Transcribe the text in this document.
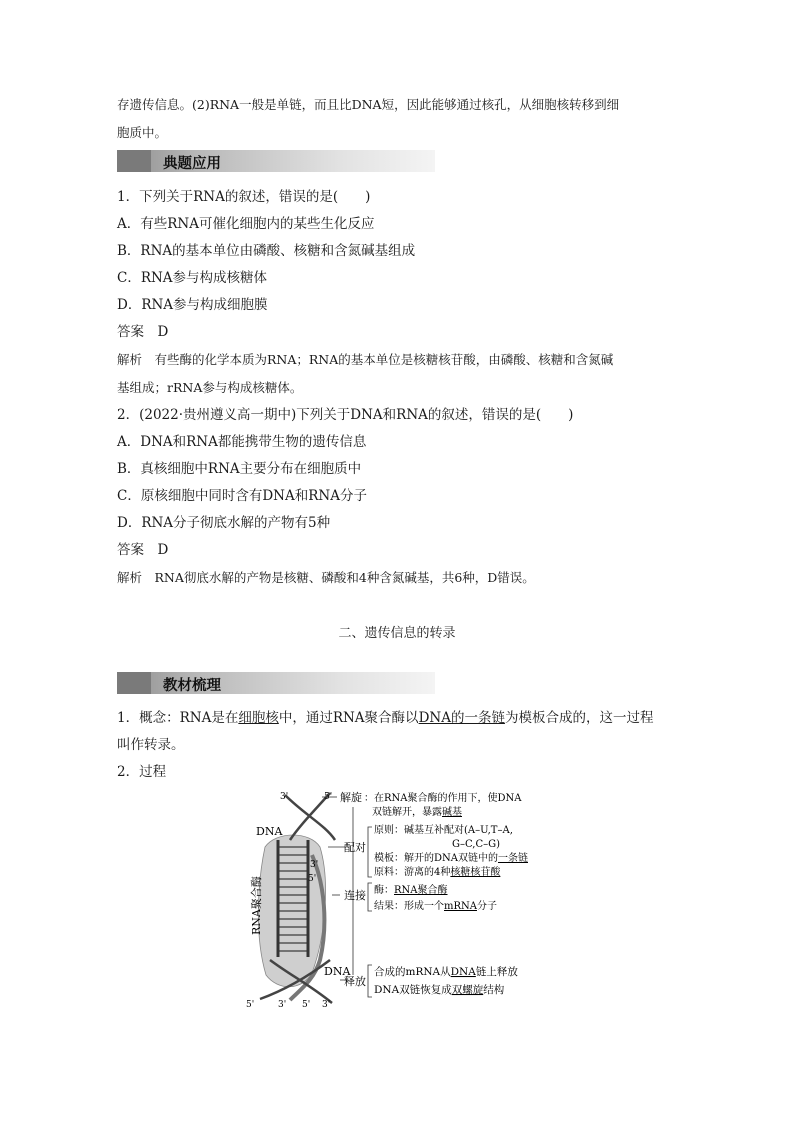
存遗传信息。(2)RNA一般是单链，而且比DNA短，因此能够通过核孔，从细胞核转移到细
胞质中。
典题应用
1．下列关于RNA的叙述，错误的是(　　)
A．有些RNA可催化细胞内的某些生化反应
B．RNA的基本单位由磷酸、核糖和含氮碱基组成
C．RNA参与构成核糖体
D．RNA参与构成细胞膜
答案　D
解析　有些酶的化学本质为RNA；RNA的基本单位是核糖核苷酸，由磷酸、核糖和含氮碱
基组成；rRNA参与构成核糖体。
2．(2022·贵州遵义高一期中)下列关于DNA和RNA的叙述，错误的是(　　)
A．DNA和RNA都能携带生物的遗传信息
B．真核细胞中RNA主要分布在细胞质中
C．原核细胞中同时含有DNA和RNA分子
D．RNA分子彻底水解的产物有5种
答案　D
解析　RNA彻底水解的产物是核糖、磷酸和4种含氮碱基，共6种，D错误。
二、遗传信息的转录
教材梳理
1．概念：RNA是在细胞核中，通过RNA聚合酶以DNA的一条链为模板合成的，这一过程
叫作转录。
2．过程
3'	5'
3'
5'
5'	3' 5' 3'
DNA
DNA
RNA聚合酶
解旋 ：在RNA聚合酶的作用下，使DNA
双链解开，暴露碱基
配对
原则：碱基互补配对(A–U,T–A,
G–C,C–G)
模板：解开的DNA双链中的一条链
原料：游离的4种核糖核苷酸
连接 酶：RNA聚合酶
结果：形成一个mRNA分子
释放
合成的mRNA从DNA链上释放
DNA双链恢复成双螺旋结构
